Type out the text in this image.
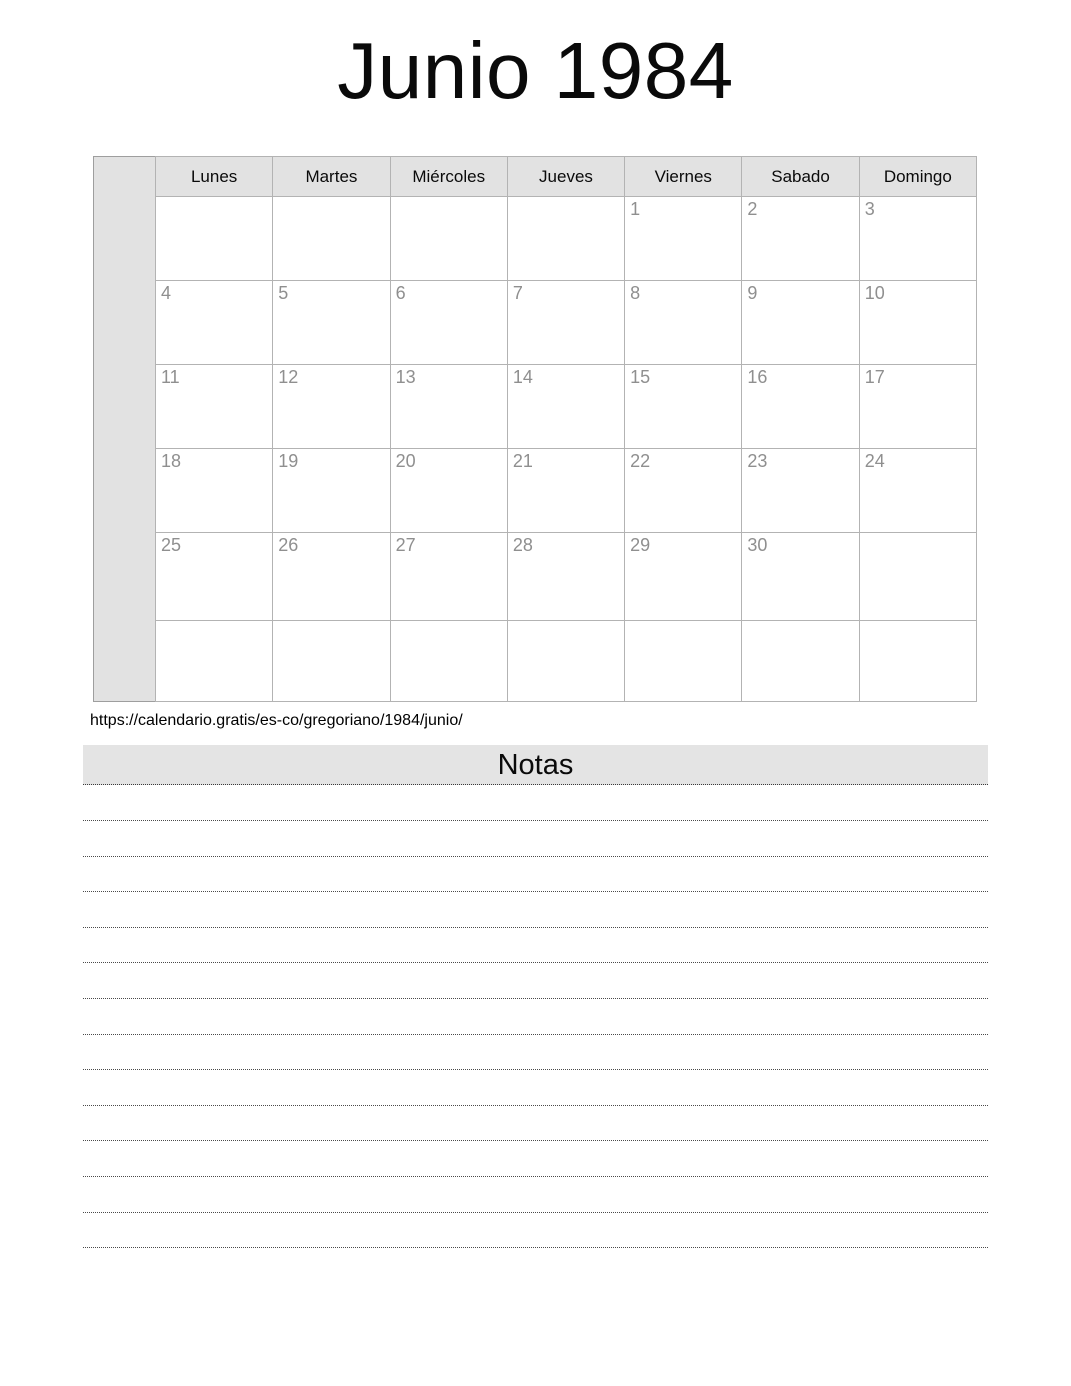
Junio 1984
	Lunes	Martes	Miércoles	Jueves	Viernes	Sabado	Domingo
					1	2	3
	4	5	6	7	8	9	10
	11	12	13	14	15	16	17
	18	19	20	21	22	23	24
	25	26	27	28	29	30	

https://calendario.gratis/es-co/gregoriano/1984/junio/
Notas
